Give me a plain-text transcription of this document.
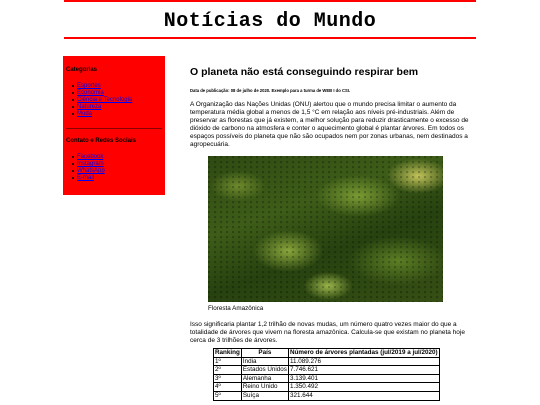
Notícias do Mundo
Categorias
Esportes
Economia
Ciência e Tecnologia
Natureza
Moda
Contato e Redes Sociais
Facebook
Instagram
WhatsApp
E-mail
O planeta não está conseguindo respirar bem
Data de publicação: 08 de julho de 2020. Exemplo para a turma de WEB I do CSI.

A Organização das Nações Unidas (ONU) alertou que o mundo precisa limitar o aumento da temperatura média global a menos de 1,5 °C em relação aos níveis pré-industriais. Além de preservar as florestas que já existem, a melhor solução para reduzir drasticamente o excesso de dióxido de carbono na atmosfera e conter o aquecimento global é plantar árvores. Em todos os espaços possíveis do planeta que não são ocupados nem por zonas urbanas, nem destinados a agropecuária.

Isso significaria plantar 1,2 trilhão de novas mudas, um número quatro vezes maior do que a totalidade de árvores que vivem na floresta amazônica. Calcula-se que existam no planeta hoje cerca de 3 trilhões de árvores.

Floresta Amazônica
Ranking	País	Número de árvores plantadas (jul/2019 a jul/2020)
1º	Índia	11.089.276
2º	Estados Unidos	7.746.621
3º	Alemanha	3.139.401
4º	Reino Unido	1.350.492
5º	Suíça	321.644
